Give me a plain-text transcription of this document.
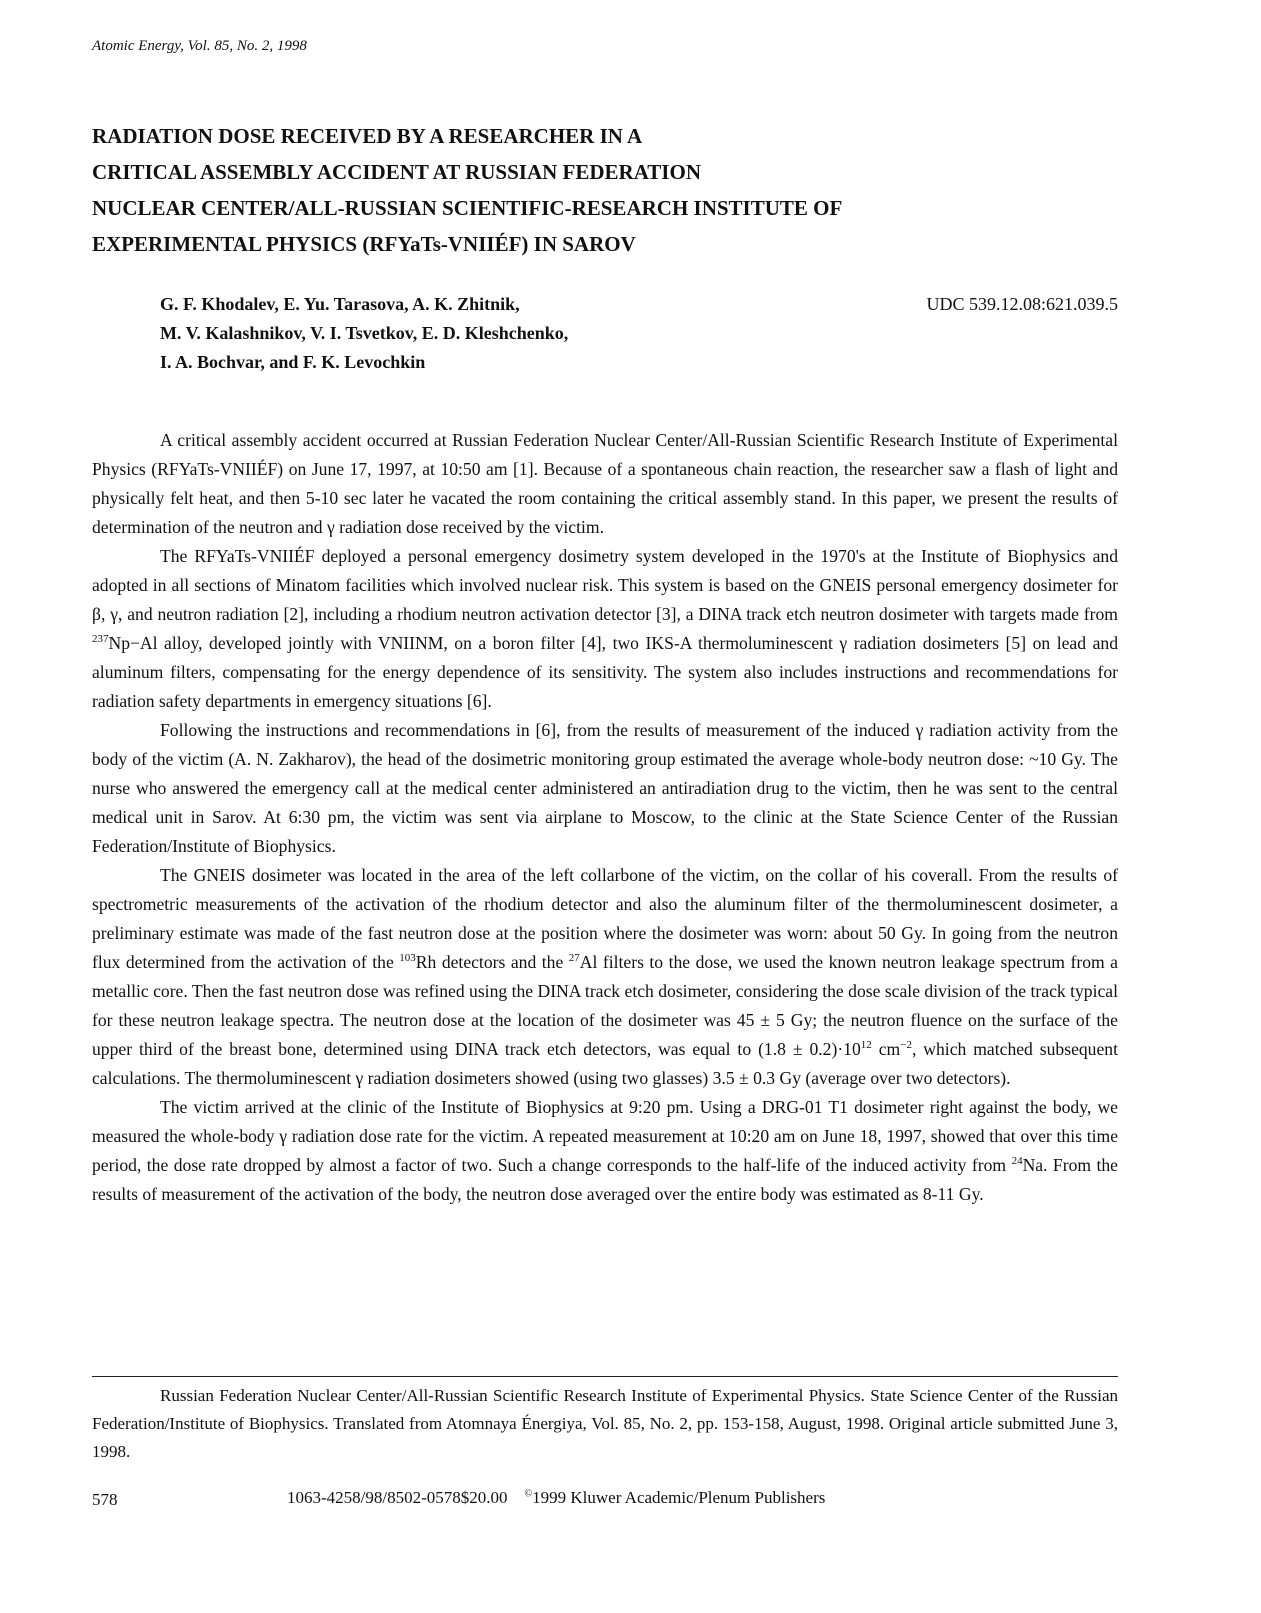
Atomic Energy, Vol. 85, No. 2, 1998
RADIATION DOSE RECEIVED BY A RESEARCHER IN A
CRITICAL ASSEMBLY ACCIDENT AT RUSSIAN FEDERATION
NUCLEAR CENTER/ALL-RUSSIAN SCIENTIFIC-RESEARCH INSTITUTE OF
EXPERIMENTAL PHYSICS (RFYaTs-VNIIÉF) IN SAROV
G. F. Khodalev, E. Yu. Tarasova, A. K. Zhitnik,
M. V. Kalashnikov, V. I. Tsvetkov, E. D. Kleshchenko,
I. A. Bochvar, and F. K. Levochkin
UDC 539.12.08:621.039.5

A critical assembly accident occurred at Russian Federation Nuclear Center/All-Russian Scientific Research Institute of Experimental Physics (RFYaTs-VNIIÉF) on June 17, 1997, at 10:50 am [1]. Because of a spontaneous chain reaction, the researcher saw a flash of light and physically felt heat, and then 5-10 sec later he vacated the room containing the critical assembly stand. In this paper, we present the results of determination of the neutron and γ radiation dose received by the victim.

The RFYaTs-VNIIÉF deployed a personal emergency dosimetry system developed in the 1970's at the Institute of Biophysics and adopted in all sections of Minatom facilities which involved nuclear risk. This system is based on the GNEIS personal emergency dosimeter for β, γ, and neutron radiation [2], including a rhodium neutron activation detector [3], a DINA track etch neutron dosimeter with targets made from $^{237}$Np−Al alloy, developed jointly with VNIINM, on a boron filter [4], two IKS-A thermoluminescent γ radiation dosimeters [5] on lead and aluminum filters, compensating for the energy dependence of its sensitivity. The system also includes instructions and recommendations for radiation safety departments in emergency situations [6].

Following the instructions and recommendations in [6], from the results of measurement of the induced γ radiation activity from the body of the victim (A. N. Zakharov), the head of the dosimetric monitoring group estimated the average whole-body neutron dose: ~10 Gy. The nurse who answered the emergency call at the medical center administered an antiradiation drug to the victim, then he was sent to the central medical unit in Sarov. At 6:30 pm, the victim was sent via airplane to Moscow, to the clinic at the State Science Center of the Russian Federation/Institute of Biophysics.

The GNEIS dosimeter was located in the area of the left collarbone of the victim, on the collar of his coverall. From the results of spectrometric measurements of the activation of the rhodium detector and also the aluminum filter of the thermoluminescent dosimeter, a preliminary estimate was made of the fast neutron dose at the position where the dosimeter was worn: about 50 Gy. In going from the neutron flux determined from the activation of the $^{103}$Rh detectors and the $^{27}$Al filters to the dose, we used the known neutron leakage spectrum from a metallic core. Then the fast neutron dose was refined using the DINA track etch dosimeter, considering the dose scale division of the track typical for these neutron leakage spectra. The neutron dose at the location of the dosimeter was 45 ± 5 Gy; the neutron fluence on the surface of the upper third of the breast bone, determined using DINA track etch detectors, was equal to $(1.8 \pm 0.2)\cdot 10^{12}$ $cm^{-2}$, which matched subsequent calculations. The thermoluminescent γ radiation dosimeters showed (using two glasses) 3.5 ± 0.3 Gy (average over two detectors).

The victim arrived at the clinic of the Institute of Biophysics at 9:20 pm. Using a DRG-01 T1 dosimeter right against the body, we measured the whole-body γ radiation dose rate for the victim. A repeated measurement at 10:20 am on June 18, 1997, showed that over this time period, the dose rate dropped by almost a factor of two. Such a change corresponds to the half-life of the induced activity from $^{24}$Na. From the results of measurement of the activation of the body, the neutron dose averaged over the entire body was estimated as 8-11 Gy.

Russian Federation Nuclear Center/All-Russian Scientific Research Institute of Experimental Physics. State Science Center of the Russian Federation/Institute of Biophysics. Translated from Atomnaya Énergiya, Vol. 85, No. 2, pp. 153-158, August, 1998. Original article submitted June 3, 1998.

578	1063-4258/98/8502-0578$20.00 ©1999 Kluwer Academic/Plenum Publishers
